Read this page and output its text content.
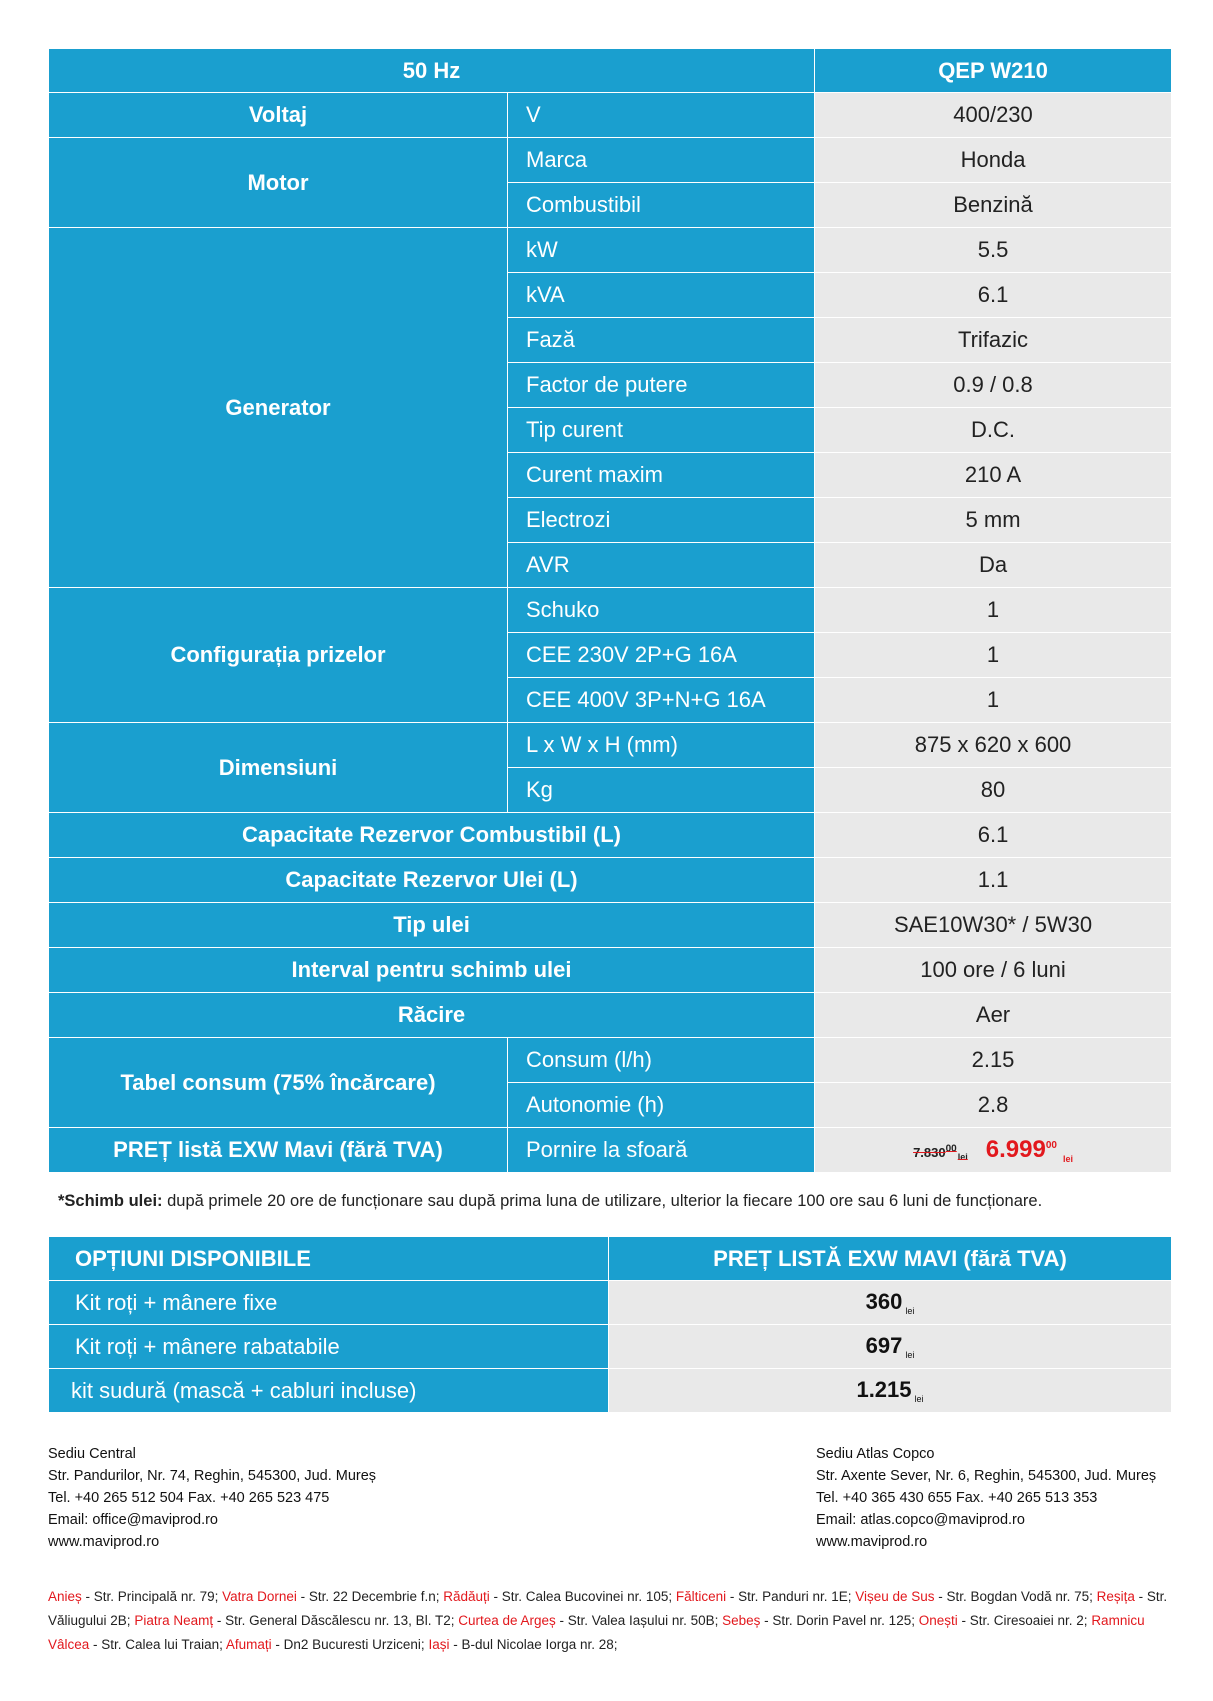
50 Hz		QEP W210
Voltaj	V	400/230
Motor	Marca	Honda
	Combustibil	Benzină
Generator	kW	5.5
	kVA	6.1
	Fază	Trifazic
	Factor de putere	0.9 / 0.8
	Tip curent	D.C.
	Curent maxim	210 A
	Electrozi	5 mm
	AVR	Da
Configurația prizelor	Schuko	1
	CEE 230V 2P+G 16A	1
	CEE 400V 3P+N+G 16A	1
Dimensiuni	L x W x H (mm)	875 x 620 x 600
	Kg	80
Capacitate Rezervor Combustibil (L)		6.1
Capacitate Rezervor Ulei (L)		1.1
Tip ulei		SAE10W30* / 5W30
Interval pentru schimb ulei		100 ore / 6 luni
Răcire		Aer
Tabel consum (75% încărcare)	Consum (l/h)	2.15
	Autonomie (h)	2.8
PREȚ listă EXW Mavi (fără TVA)	Pornire la sfoară	$7.830^{00}_{lei}$ $6.999^{00}_{lei}$
*Schimb ulei: după primele 20 ore de funcționare sau după prima luna de utilizare, ulterior la fiecare 100 ore sau 6 luni de funcționare.
OPȚIUNI DISPONIBILE	PREȚ LISTĂ EXW MAVI (fără TVA)
Kit roți + mânere fixe	360 $_{lei}$
Kit roți + mânere rabatabile	697 $_{lei}$
kit sudură (mască + cabluri incluse)	1.215 $_{lei}$
Sediu Central
Str. Pandurilor, Nr. 74, Reghin, 545300, Jud. Mureș
Tel. +40 265 512 504 Fax. +40 265 523 475
Email: office@maviprod.ro
www.maviprod.ro
Sediu Atlas Copco
Str. Axente Sever, Nr. 6, Reghin, 545300, Jud. Mureș
Tel. +40 365 430 655 Fax. +40 265 513 353
Email: atlas.copco@maviprod.ro
www.maviprod.ro
Anieș - Str. Principală nr. 79; Vatra Dornei - Str. 22 Decembrie f.n; Rădăuți - Str. Calea Bucovinei nr. 105; Fălticeni - Str. Panduri nr. 1E; Vișeu de Sus - Str. Bogdan Vodă nr. 75; Reșița - Str. Văliugului 2B; Piatra Neamț - Str. General Dăscălescu nr. 13, Bl. T2; Curtea de Argeș - Str. Valea Iașului nr. 50B; Sebeș - Str. Dorin Pavel nr. 125; Onești - Str. Ciresoaiei nr. 2; Ramnicu Vâlcea - Str. Calea lui Traian; Afumați - Dn2 Bucuresti Urziceni; Iași - B-dul Nicolae Iorga nr. 28;
